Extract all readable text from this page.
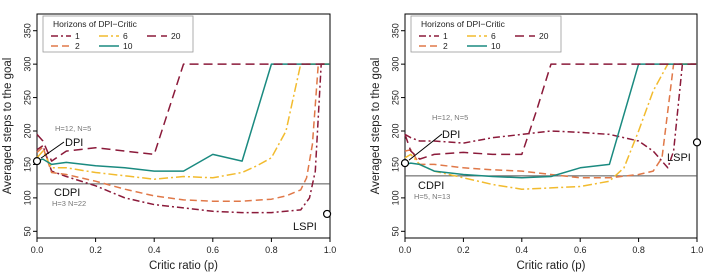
50
100
150
200
250
300
350
0.0	0.2	0.4	0.6	0.8	1.0
Critic ratio (p)
Averaged steps to the goal
Horizons of DPI−Critic
1	6	20
2	10
H=12, N=5
DPI
CDPI
H=3 N=22
LSPI	50
100
150
200
250
300
350
0.0	0.2	0.4	0.6	0.8	1.0
Critic ratio (p)
Averaged steps to the goal
Horizons of DPI−Critic
1	6	20
2	10
H=12, N=5
DPI
CDPI
H=5, N=13
LSPI
